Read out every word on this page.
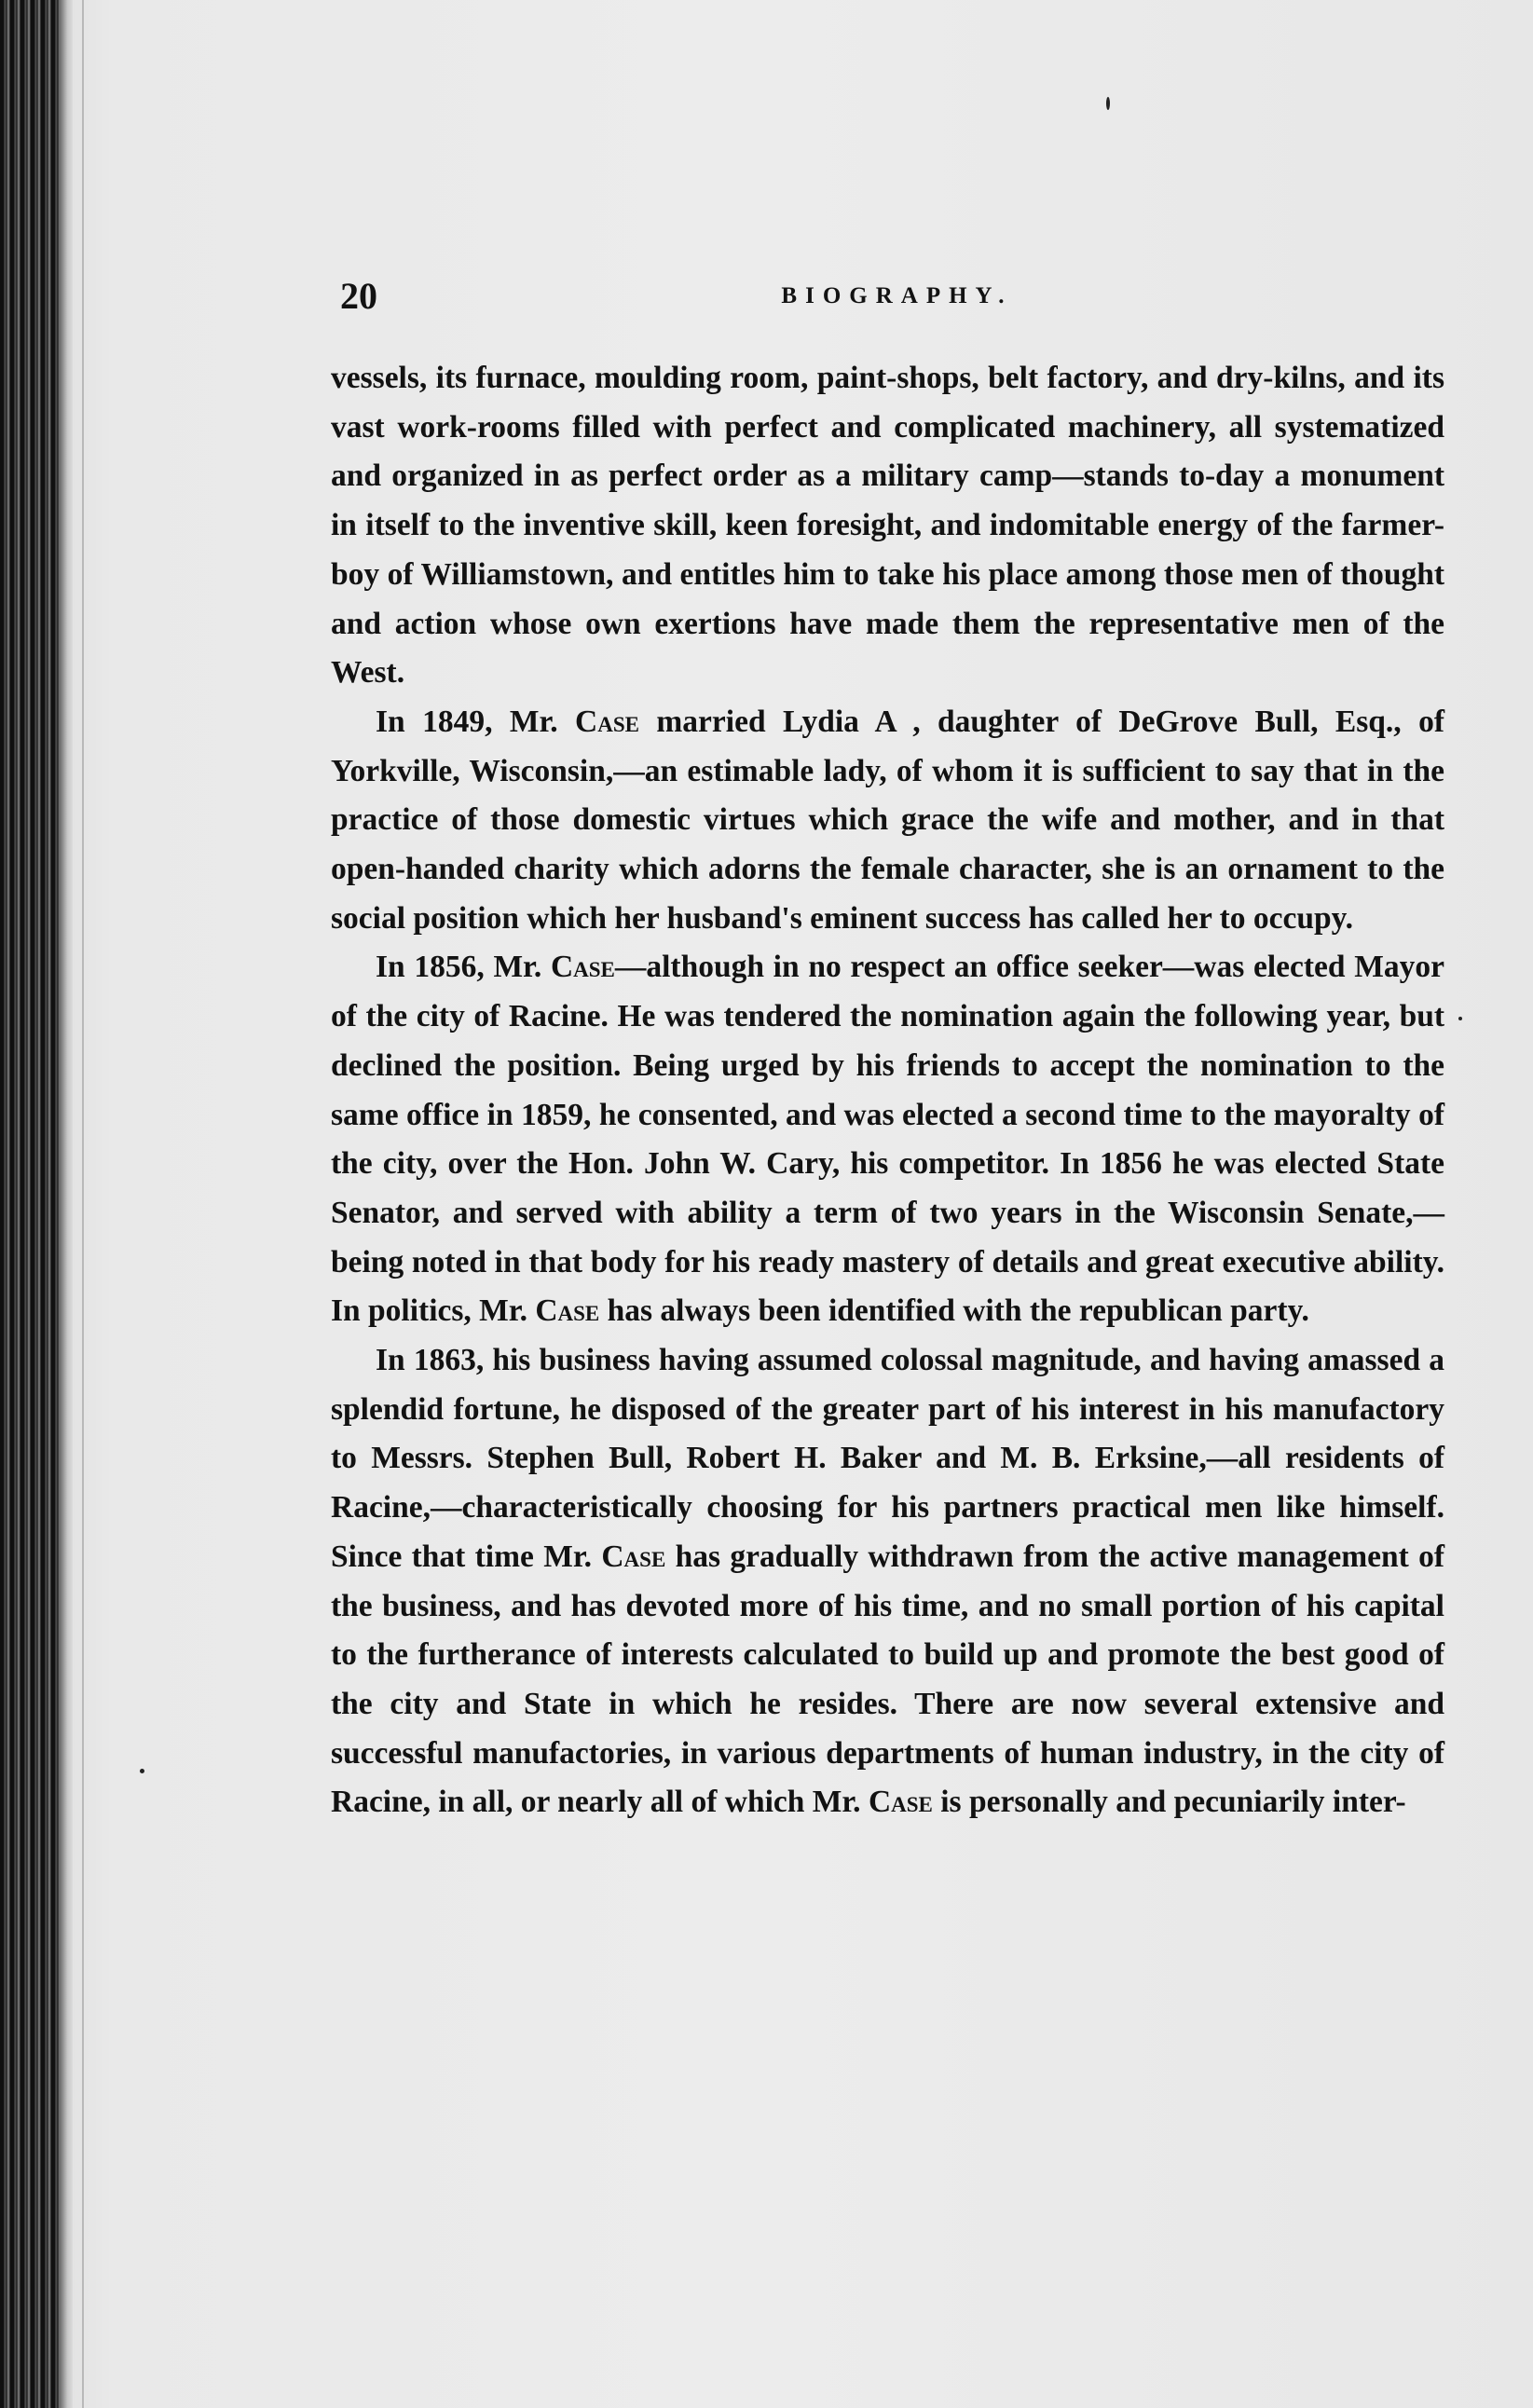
20	BIOGRAPHY.

vessels, its furnace, moulding room, paint-shops, belt factory, and dry-kilns, and its vast work-rooms filled with perfect and complicated machinery, all systematized and organized in as perfect order as a military camp—stands to-day a monument in itself to the inventive skill, keen foresight, and indomitable energy of the farmer-boy of Williamstown, and entitles him to take his place among those men of thought and action whose own exertions have made them the representative men of the West.

In 1849, Mr. Case married Lydia A , daughter of DeGrove Bull, Esq., of Yorkville, Wisconsin,—an estimable lady, of whom it is sufficient to say that in the practice of those domestic virtues which grace the wife and mother, and in that open-handed charity which adorns the female character, she is an ornament to the social position which her husband's eminent success has called her to occupy.

In 1856, Mr. Case—although in no respect an office seeker—was elected Mayor of the city of Racine. He was tendered the nomination again the following year, but declined the position. Being urged by his friends to accept the nomination to the same office in 1859, he consented, and was elected a second time to the mayoralty of the city, over the Hon. John W. Cary, his competitor. In 1856 he was elected State Senator, and served with ability a term of two years in the Wisconsin Senate,—being noted in that body for his ready mastery of details and great executive ability. In politics, Mr. Case has always been identified with the republican party.

In 1863, his business having assumed colossal magnitude, and having amassed a splendid fortune, he disposed of the greater part of his interest in his manufactory to Messrs. Stephen Bull, Robert H. Baker and M. B. Erksine,—all residents of Racine,—characteristically choosing for his partners practical men like himself. Since that time Mr. Case has gradually withdrawn from the active management of the business, and has devoted more of his time, and no small portion of his capital to the furtherance of interests calculated to build up and promote the best good of the city and State in which he resides. There are now several extensive and successful manufactories, in various departments of human industry, in the city of Racine, in all, or nearly all of which Mr. Case is personally and pecuniarily inter-
